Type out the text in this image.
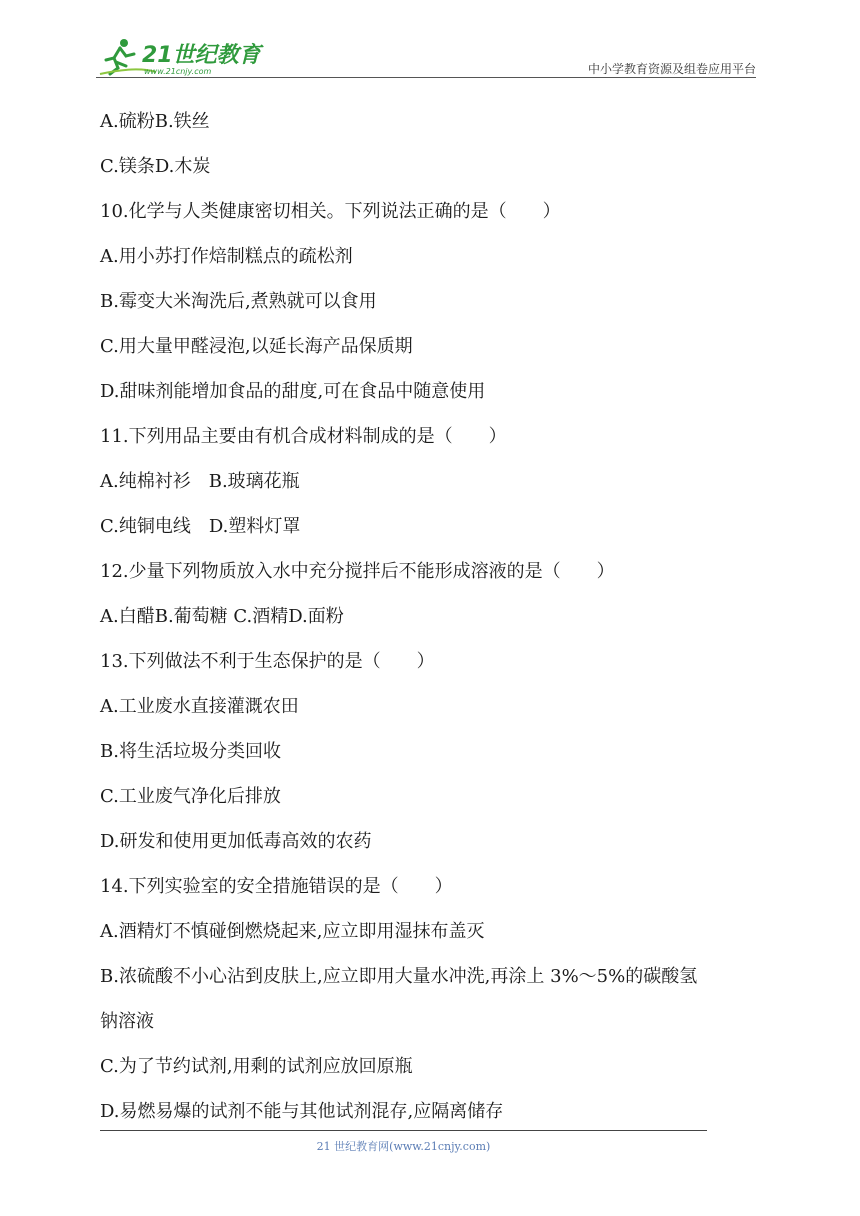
21世纪教育
www.21cnjy.com	中小学教育资源及组卷应用平台
A.硫粉B.铁丝
C.镁条D.木炭
10.化学与人类健康密切相关。下列说法正确的是（　　）
A.用小苏打作焙制糕点的疏松剂
B.霉变大米淘洗后,煮熟就可以食用
C.用大量甲醛浸泡,以延长海产品保质期
D.甜味剂能增加食品的甜度,可在食品中随意使用
11.下列用品主要由有机合成材料制成的是（　　）
A.纯棉衬衫　B.玻璃花瓶
C.纯铜电线　D.塑料灯罩
12.少量下列物质放入水中充分搅拌后不能形成溶液的是（　　）
A.白醋B.葡萄糖 C.酒精D.面粉
13.下列做法不利于生态保护的是（　　）
A.工业废水直接灌溉农田
B.将生活垃圾分类回收
C.工业废气净化后排放
D.研发和使用更加低毒高效的农药
14.下列实验室的安全措施错误的是（　　）
A.酒精灯不慎碰倒燃烧起来,应立即用湿抹布盖灭
B.浓硫酸不小心沾到皮肤上,应立即用大量水冲洗,再涂上 3%～5%的碳酸氢
钠溶液
C.为了节约试剂,用剩的试剂应放回原瓶
D.易燃易爆的试剂不能与其他试剂混存,应隔离储存
21 世纪教育网(www.21cnjy.com)
